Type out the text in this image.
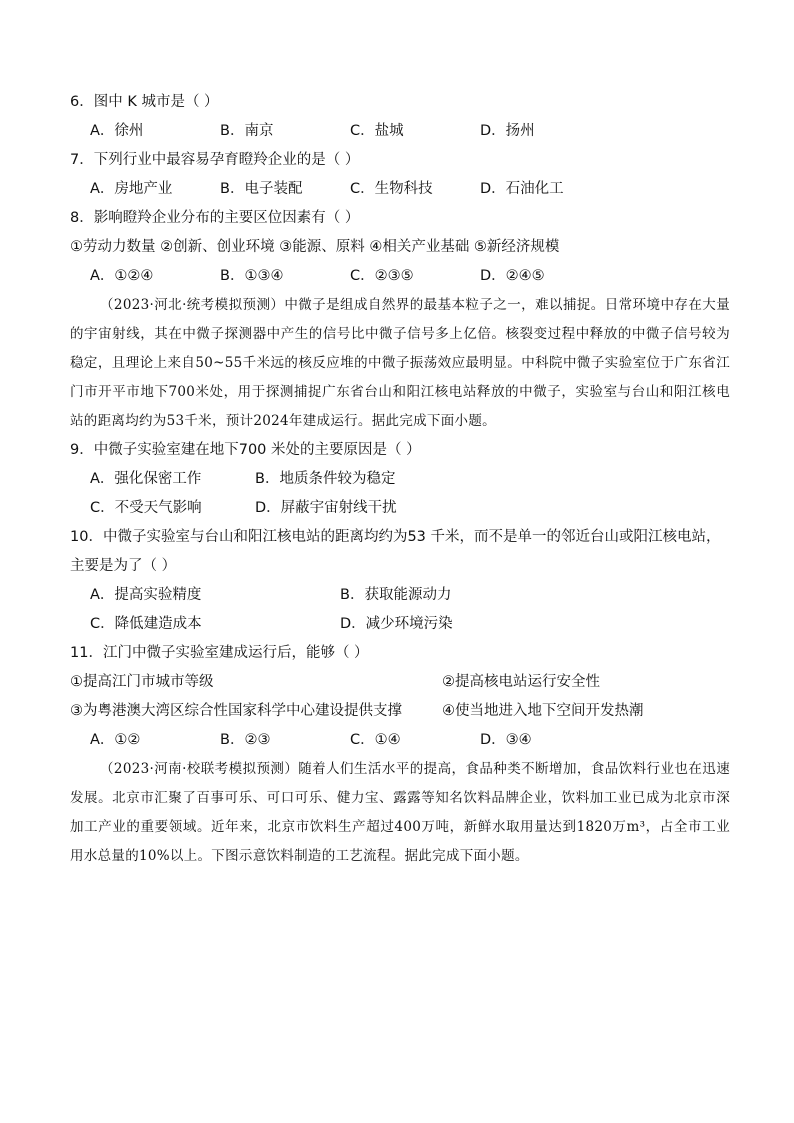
6．图中 K 城市是（ ）
A．徐州	B．南京	C．盐城	D．扬州
7．下列行业中最容易孕育瞪羚企业的是（ ）
A．房地产业	B．电子装配	C．生物科技	D．石油化工
8．影响瞪羚企业分布的主要区位因素有（ ）
①劳动力数量 ②创新、创业环境 ③能源、原料 ④相关产业基础 ⑤新经济规模
A．①②④	B．①③④	C．②③⑤	D．②④⑤
（2023·河北·统考模拟预测）中微子是组成自然界的最基本粒子之一，难以捕捉。日常环境中存在大量的宇宙射线，其在中微子探测器中产生的信号比中微子信号多上亿倍。核裂变过程中释放的中微子信号较为稳定，且理论上来自50~55千米远的核反应堆的中微子振荡效应最明显。中科院中微子实验室位于广东省江门市开平市地下700米处，用于探测捕捉广东省台山和阳江核电站释放的中微子，实验室与台山和阳江核电站的距离均约为53千米，预计2024年建成运行。据此完成下面小题。
9．中微子实验室建在地下700 米处的主要原因是（ ）
A．强化保密工作	B．地质条件较为稳定
C．不受天气影响	D．屏蔽宇宙射线干扰
10．中微子实验室与台山和阳江核电站的距离均约为53 千米，而不是单一的邻近台山或阳江核电站，
主要是为了（ ）
A．提高实验精度	B．获取能源动力
C．降低建造成本	D．减少环境污染
11．江门中微子实验室建成运行后，能够（ ）
①提高江门市城市等级	②提高核电站运行安全性
③为粤港澳大湾区综合性国家科学中心建设提供支撑	④使当地进入地下空间开发热潮
A．①②	B．②③	C．①④	D．③④
（2023·河南·校联考模拟预测）随着人们生活水平的提高，食品种类不断增加，食品饮料行业也在迅速发展。北京市汇聚了百事可乐、可口可乐、健力宝、露露等知名饮料品牌企业，饮料加工业已成为北京市深加工产业的重要领域。近年来，北京市饮料生产超过400万吨，新鲜水取用量达到1820万m³，占全市工业用水总量的10%以上。下图示意饮料制造的工艺流程。据此完成下面小题。
